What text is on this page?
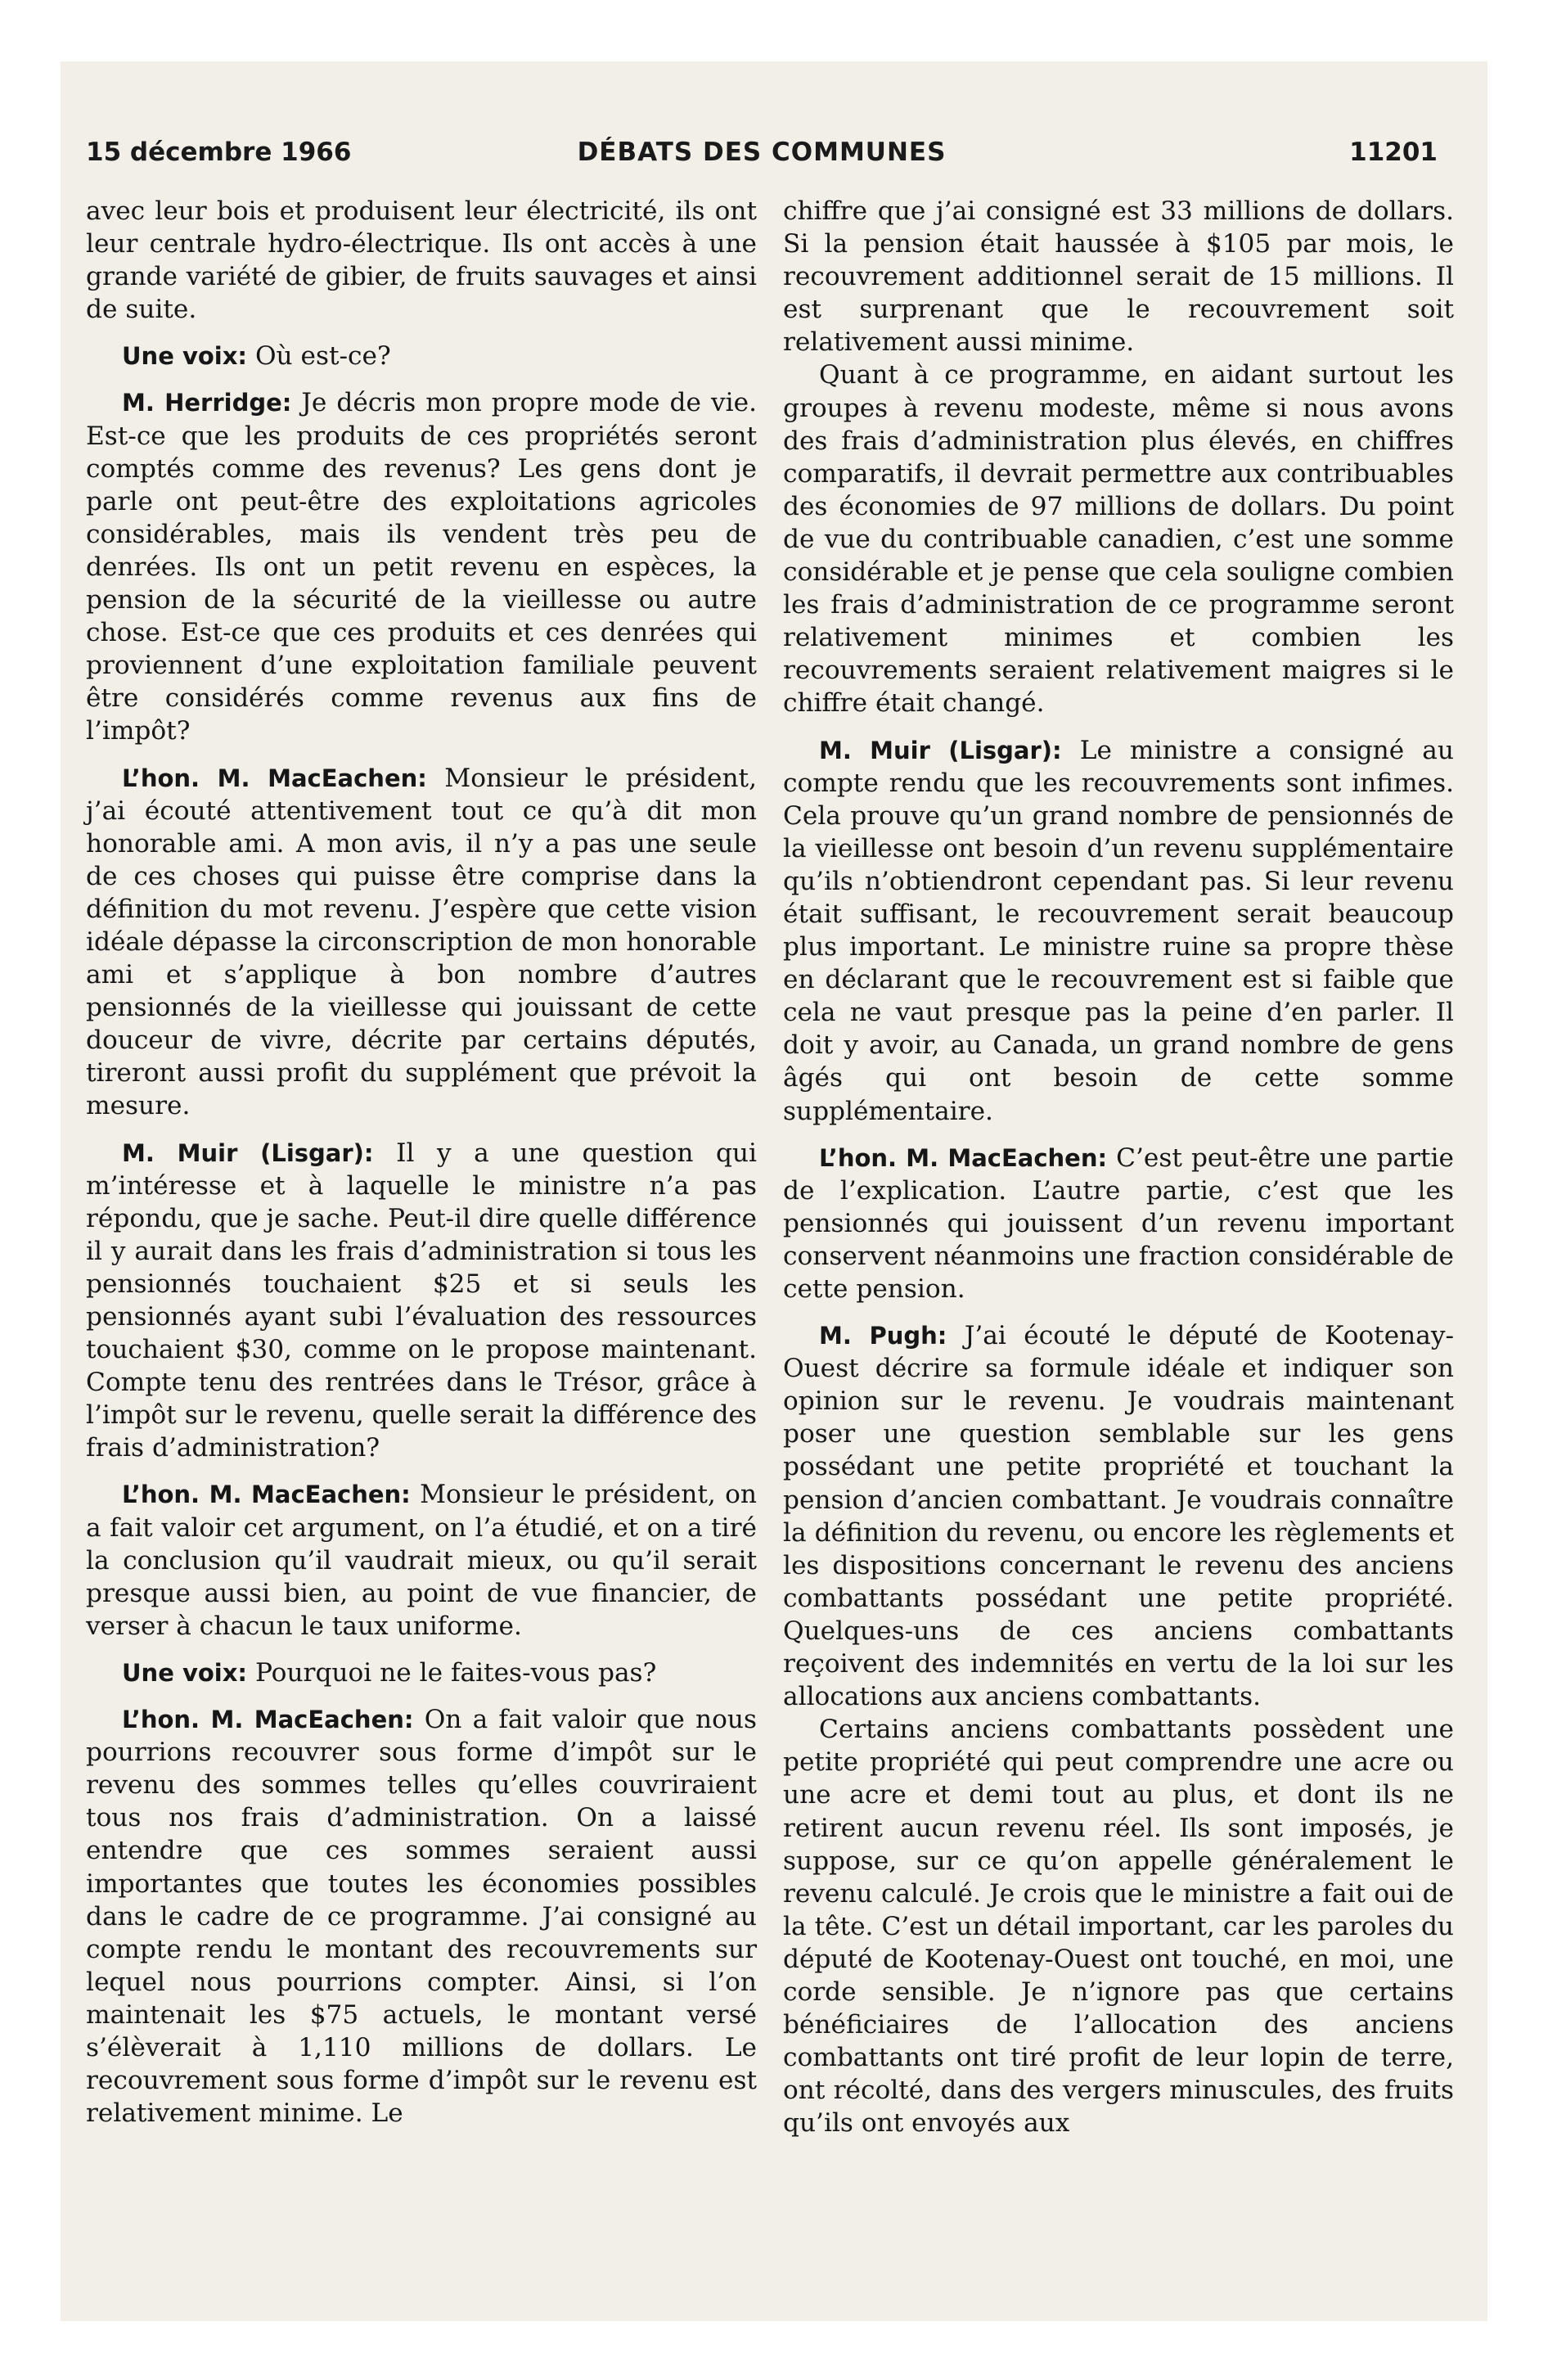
15 décembre 1966	DÉBATS DES COMMUNES	11201

avec leur bois et produisent leur électricité, ils ont leur centrale hydro-électrique. Ils ont accès à une grande variété de gibier, de fruits sauvages et ainsi de suite.

Une voix: Où est-ce?

M. Herridge: Je décris mon propre mode de vie. Est-ce que les produits de ces propriétés seront comptés comme des revenus? Les gens dont je parle ont peut-être des exploitations agricoles considérables, mais ils vendent très peu de denrées. Ils ont un petit revenu en espèces, la pension de la sécurité de la vieillesse ou autre chose. Est-ce que ces produits et ces denrées qui proviennent d’une exploitation familiale peuvent être considérés comme revenus aux fins de l’impôt?

L’hon. M. MacEachen: Monsieur le président, j’ai écouté attentivement tout ce qu’à dit mon honorable ami. A mon avis, il n’y a pas une seule de ces choses qui puisse être comprise dans la définition du mot revenu. J’espère que cette vision idéale dépasse la circonscription de mon honorable ami et s’applique à bon nombre d’autres pensionnés de la vieillesse qui jouissant de cette douceur de vivre, décrite par certains députés, tireront aussi profit du supplément que prévoit la mesure.

M. Muir (Lisgar): Il y a une question qui m’intéresse et à laquelle le ministre n’a pas répondu, que je sache. Peut-il dire quelle différence il y aurait dans les frais d’administration si tous les pensionnés touchaient $25 et si seuls les pensionnés ayant subi l’évaluation des ressources touchaient $30, comme on le propose maintenant. Compte tenu des rentrées dans le Trésor, grâce à l’impôt sur le revenu, quelle serait la différence des frais d’administration?

L’hon. M. MacEachen: Monsieur le président, on a fait valoir cet argument, on l’a étudié, et on a tiré la conclusion qu’il vaudrait mieux, ou qu’il serait presque aussi bien, au point de vue financier, de verser à chacun le taux uniforme.

Une voix: Pourquoi ne le faites-vous pas?

L’hon. M. MacEachen: On a fait valoir que nous pourrions recouvrer sous forme d’impôt sur le revenu des sommes telles qu’elles couvriraient tous nos frais d’administration. On a laissé entendre que ces sommes seraient aussi importantes que toutes les économies possibles dans le cadre de ce programme. J’ai consigné au compte rendu le montant des recouvrements sur lequel nous pourrions compter. Ainsi, si l’on maintenait les $75 actuels, le montant versé s’élèverait à 1,110 millions de dollars. Le recouvrement sous forme d’impôt sur le revenu est relativement minime. Le

chiffre que j’ai consigné est 33 millions de dollars. Si la pension était haussée à $105 par mois, le recouvrement additionnel serait de 15 millions. Il est surprenant que le recouvrement soit relativement aussi minime.

Quant à ce programme, en aidant surtout les groupes à revenu modeste, même si nous avons des frais d’administration plus élevés, en chiffres comparatifs, il devrait permettre aux contribuables des économies de 97 millions de dollars. Du point de vue du contribuable canadien, c’est une somme considérable et je pense que cela souligne combien les frais d’administration de ce programme seront relativement minimes et combien les recouvrements seraient relativement maigres si le chiffre était changé.

M. Muir (Lisgar): Le ministre a consigné au compte rendu que les recouvrements sont infimes. Cela prouve qu’un grand nombre de pensionnés de la vieillesse ont besoin d’un revenu supplémentaire qu’ils n’obtiendront cependant pas. Si leur revenu était suffisant, le recouvrement serait beaucoup plus important. Le ministre ruine sa propre thèse en déclarant que le recouvrement est si faible que cela ne vaut presque pas la peine d’en parler. Il doit y avoir, au Canada, un grand nombre de gens âgés qui ont besoin de cette somme supplémentaire.

L’hon. M. MacEachen: C’est peut-être une partie de l’explication. L’autre partie, c’est que les pensionnés qui jouissent d’un revenu important conservent néanmoins une fraction considérable de cette pension.

M. Pugh: J’ai écouté le député de Kootenay-Ouest décrire sa formule idéale et indiquer son opinion sur le revenu. Je voudrais maintenant poser une question semblable sur les gens possédant une petite propriété et touchant la pension d’ancien combattant. Je voudrais connaître la définition du revenu, ou encore les règlements et les dispositions concernant le revenu des anciens combattants possédant une petite propriété. Quelques-uns de ces anciens combattants reçoivent des indemnités en vertu de la loi sur les allocations aux anciens combattants.

Certains anciens combattants possèdent une petite propriété qui peut comprendre une acre ou une acre et demi tout au plus, et dont ils ne retirent aucun revenu réel. Ils sont imposés, je suppose, sur ce qu’on appelle généralement le revenu calculé. Je crois que le ministre a fait oui de la tête. C’est un détail important, car les paroles du député de Kootenay-Ouest ont touché, en moi, une corde sensible. Je n’ignore pas que certains bénéficiaires de l’allocation des anciens combattants ont tiré profit de leur lopin de terre, ont récolté, dans des vergers minuscules, des fruits qu’ils ont envoyés aux
